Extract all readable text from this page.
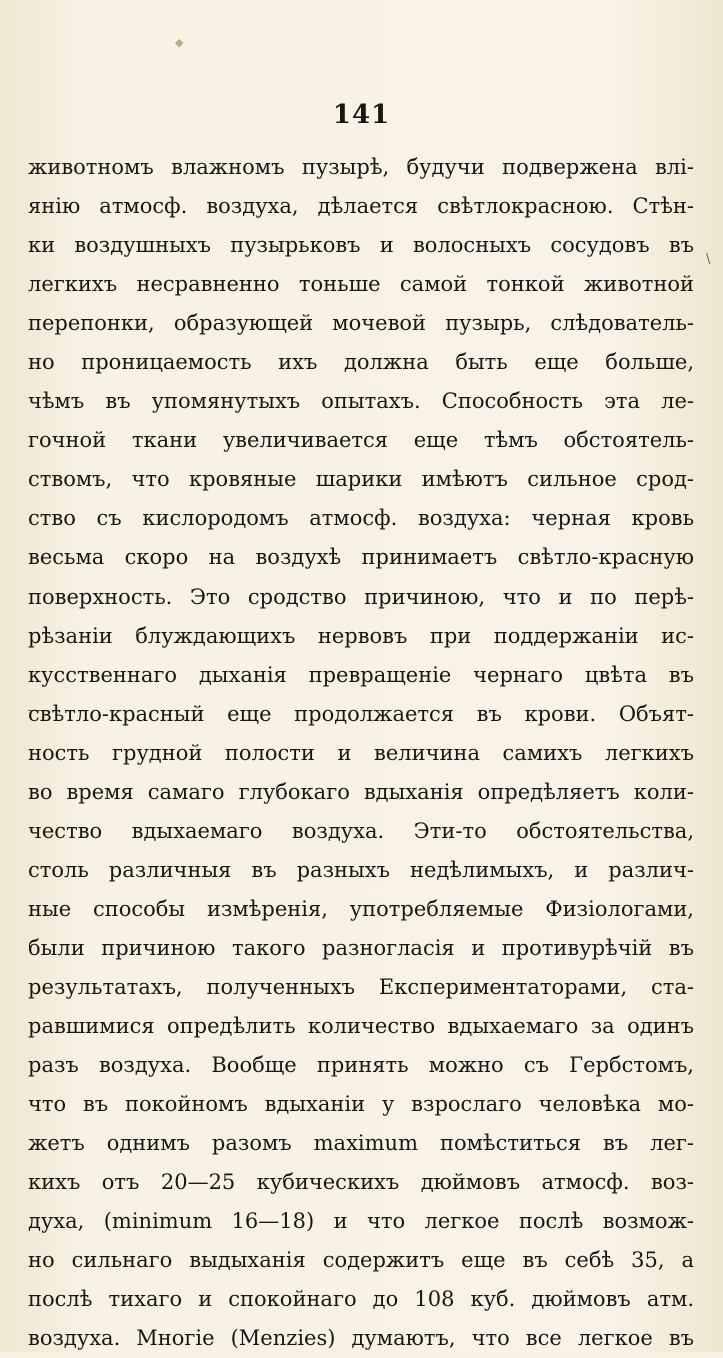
◆
\
141
животномъ влажномъ пузырѣ, будучи подвержена влі-
янію атмосф. воздуха, дѣлается свѣтлокрасною. Стѣн-
ки воздушныхъ пузырьковъ и волосныхъ сосудовъ въ
легкихъ несравненно тоньше самой тонкой животной
перепонки, образующей мочевой пузырь, слѣдователь-
но проницаемость ихъ должна быть еще больше,
чѣмъ въ упомянутыхъ опытахъ. Способность эта ле-
гочной ткани увеличивается еще тѣмъ обстоятель-
ствомъ, что кровяные шарики имѣютъ сильное срод-
ство съ кислородомъ атмосф. воздуха: черная кровь
весьма скоро на воздухѣ принимаетъ свѣтло-красную
поверхность. Это сродство причиною, что и по перѣ-
рѣзаніи блуждающихъ нервовъ при поддержаніи ис-
кусственнаго дыханія превращеніе чернаго цвѣта въ
свѣтло-красный еще продолжается въ крови. Объят-
ность грудной полости и величина самихъ легкихъ
во время самаго глубокаго вдыханія опредѣляетъ коли-
чество вдыхаемаго воздуха. Эти-то обстоятельства,
столь различныя въ разныхъ недѣлимыхъ, и различ-
ные способы измѣренія, употребляемые Физіологами,
были причиною такого разногласія и противурѣчій въ
результатахъ, полученныхъ Експериментаторами, ста-
равшимися опредѣлить количество вдыхаемаго за одинъ
разъ воздуха. Вообще принять можно съ Гербстомъ,
что въ покойномъ вдыханіи у взрослаго человѣка мо-
жетъ однимъ разомъ maximum помѣститься въ лег-
кихъ отъ 20—25 кубическихъ дюймовъ атмосф. воз-
духа, (minimum 16—18) и что легкое послѣ возмож-
но сильнаго выдыханія содержитъ еще въ себѣ 35, а
послѣ тихаго и спокойнаго до 108 куб. дюймовъ атм.
воздуха. Многіе (Menzies) думаютъ, что все легкое въ
